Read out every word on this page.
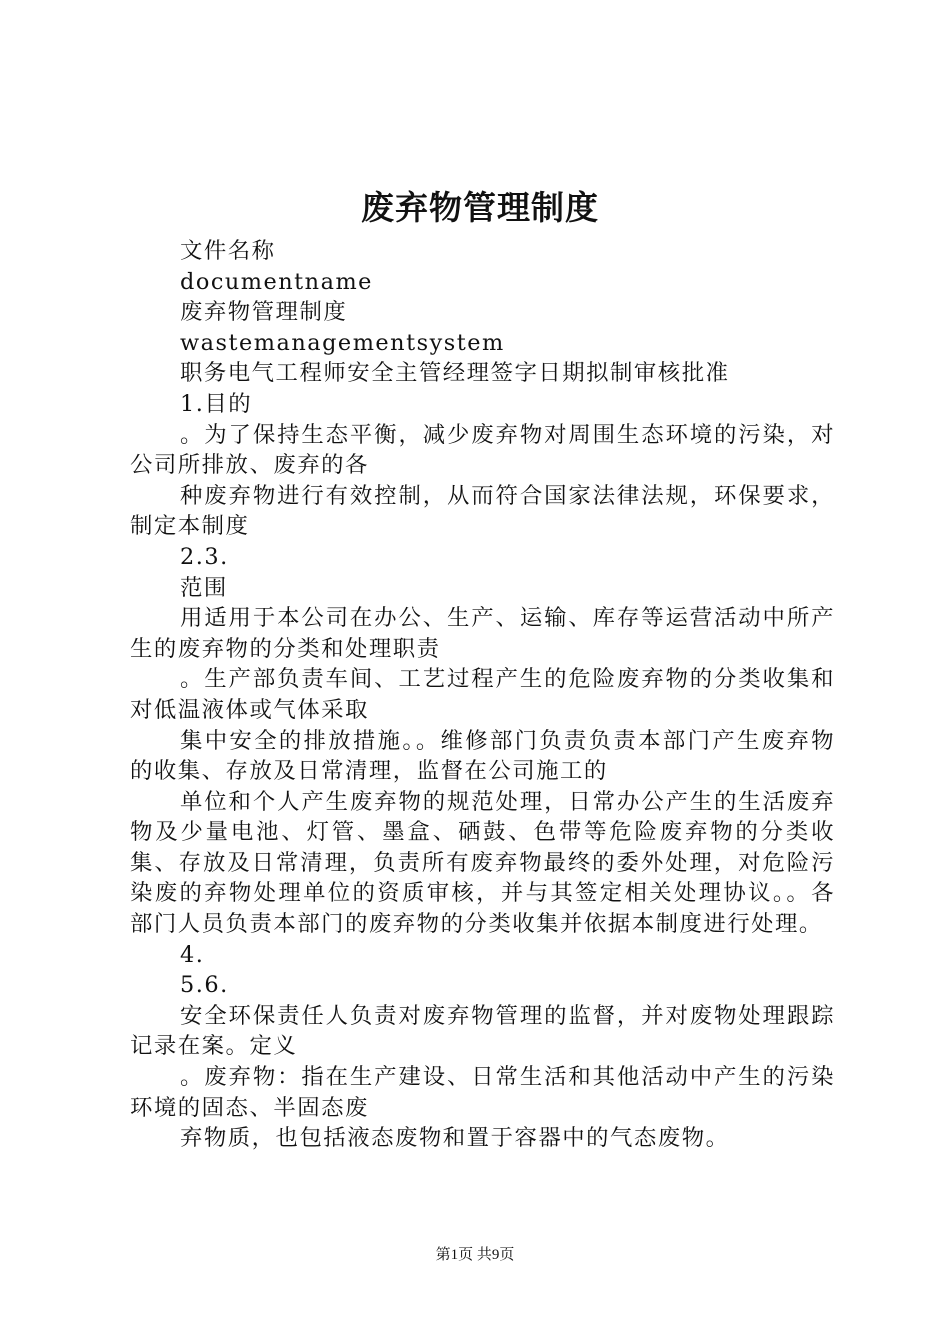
废弃物管理制度

文件名称

documentname

废弃物管理制度

wastemanagementsystem

职务电气工程师安全主管经理签字日期拟制审核批准

1.目的

。为了保持生态平衡，减少废弃物对周围生态环境的污染，对公司所排放、废弃的各

种废弃物进行有效控制，从而符合国家法律法规，环保要求，制定本制度

2.3.

范围

用适用于本公司在办公、生产、运输、库存等运营活动中所产生的废弃物的分类和处理职责

。生产部负责车间、工艺过程产生的危险废弃物的分类收集和对低温液体或气体采取

集中安全的排放措施。。维修部门负责负责本部门产生废弃物的收集、存放及日常清理，监督在公司施工的

单位和个人产生废弃物的规范处理，日常办公产生的生活废弃物及少量电池、灯管、墨盒、硒鼓、色带等危险废弃物的分类收集、存放及日常清理，负责所有废弃物最终的委外处理，对危险污染废的弃物处理单位的资质审核，并与其签定相关处理协议。。各部门人员负责本部门的废弃物的分类收集并依据本制度进行处理。

4.

5.6.

安全环保责任人负责对废弃物管理的监督，并对废物处理跟踪记录在案。定义

。废弃物：指在生产建设、日常生活和其他活动中产生的污染环境的固态、半固态废

弃物质，也包括液态废物和置于容器中的气态废物。

第1页 共9页
